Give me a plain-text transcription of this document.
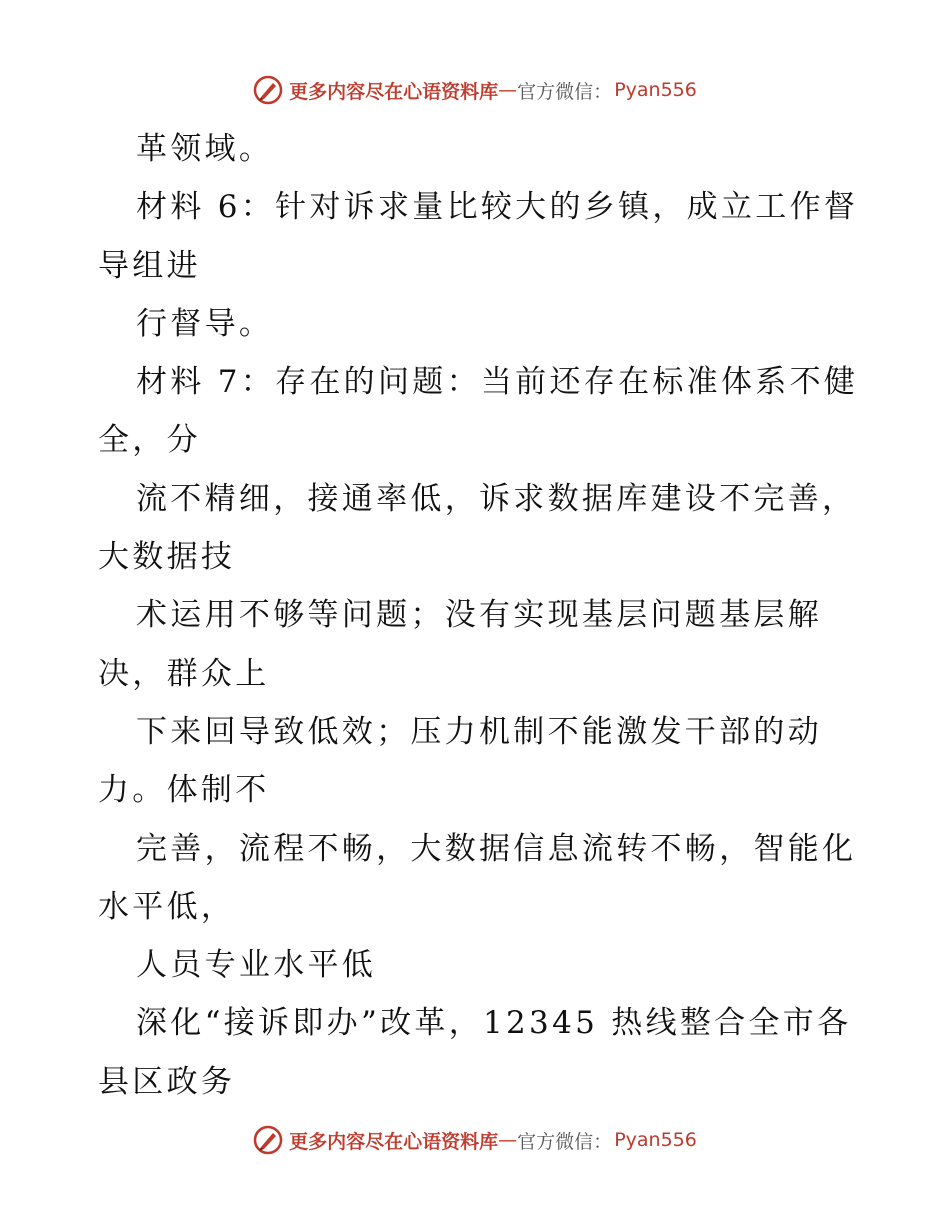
更多内容尽在心语资料库 — 官方微信： Pyan556
革领域。
材料 6：针对诉求量比较大的乡镇，成立工作督
导组进
行督导。
材料 7：存在的问题：当前还存在标准体系不健
全，分
流不精细，接通率低，诉求数据库建设不完善，
大数据技
术运用不够等问题；没有实现基层问题基层解
决，群众上
下来回导致低效；压力机制不能激发干部的动
力。体制不
完善，流程不畅，大数据信息流转不畅，智能化
水平低，
人员专业水平低
深化“接诉即办”改革，12345 热线整合全市各
县区政务
更多内容尽在心语资料库 — 官方微信： Pyan556
